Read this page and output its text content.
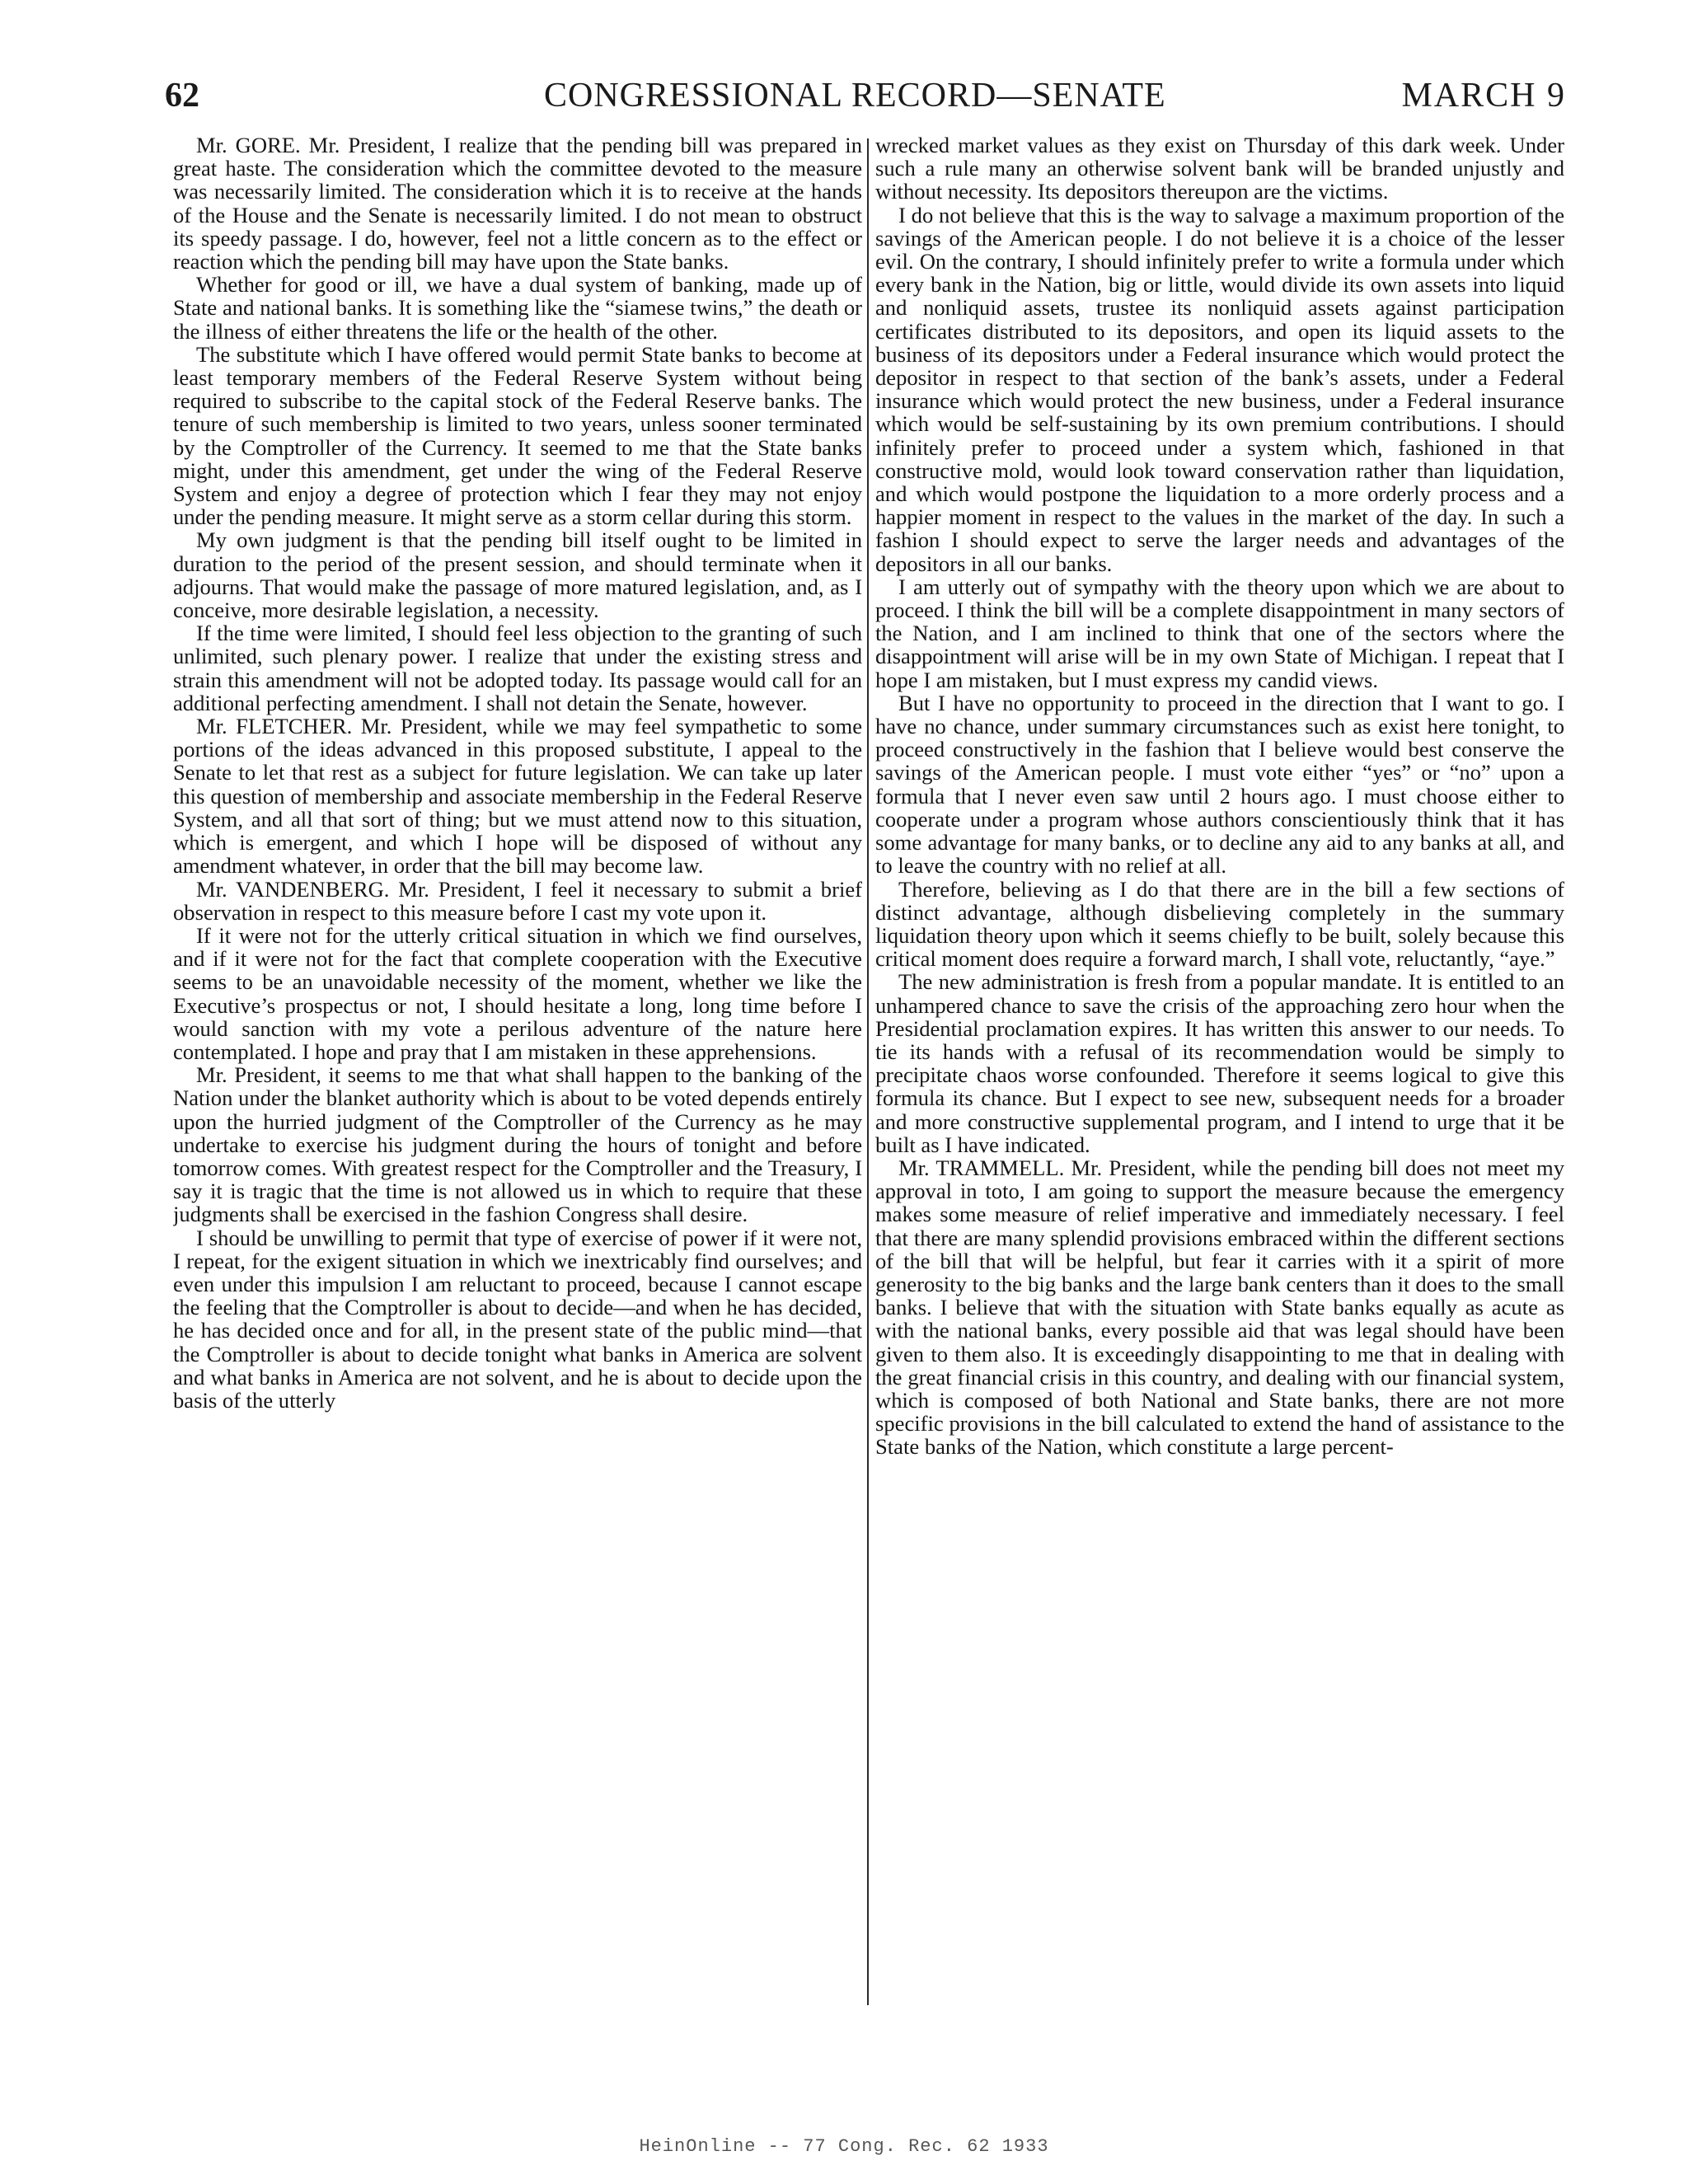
62	CONGRESSIONAL RECORD—SENATE	MARCH 9

Mr. GORE. Mr. President, I realize that the pending bill was prepared in great haste. The consideration which the committee devoted to the measure was necessarily limited. The consideration which it is to receive at the hands of the House and the Senate is necessarily limited. I do not mean to obstruct its speedy passage. I do, however, feel not a little concern as to the effect or reaction which the pending bill may have upon the State banks.

Whether for good or ill, we have a dual system of banking, made up of State and national banks. It is something like the “siamese twins,” the death or the illness of either threatens the life or the health of the other.

The substitute which I have offered would permit State banks to become at least temporary members of the Federal Reserve System without being required to subscribe to the capital stock of the Federal Reserve banks. The tenure of such membership is limited to two years, unless sooner terminated by the Comptroller of the Currency. It seemed to me that the State banks might, under this amendment, get under the wing of the Federal Reserve System and enjoy a degree of protection which I fear they may not enjoy under the pending measure. It might serve as a storm cellar during this storm.

My own judgment is that the pending bill itself ought to be limited in duration to the period of the present session, and should terminate when it adjourns. That would make the passage of more matured legislation, and, as I conceive, more desirable legislation, a necessity.

If the time were limited, I should feel less objection to the granting of such unlimited, such plenary power. I realize that under the existing stress and strain this amendment will not be adopted today. Its passage would call for an additional perfecting amendment. I shall not detain the Senate, however.

Mr. FLETCHER. Mr. President, while we may feel sympathetic to some portions of the ideas advanced in this proposed substitute, I appeal to the Senate to let that rest as a subject for future legislation. We can take up later this question of membership and associate membership in the Federal Reserve System, and all that sort of thing; but we must attend now to this situation, which is emergent, and which I hope will be disposed of without any amendment whatever, in order that the bill may become law.

Mr. VANDENBERG. Mr. President, I feel it necessary to submit a brief observation in respect to this measure before I cast my vote upon it.

If it were not for the utterly critical situation in which we find ourselves, and if it were not for the fact that complete cooperation with the Executive seems to be an unavoidable necessity of the moment, whether we like the Executive’s prospectus or not, I should hesitate a long, long time before I would sanction with my vote a perilous adventure of the nature here contemplated. I hope and pray that I am mistaken in these apprehensions.

Mr. President, it seems to me that what shall happen to the banking of the Nation under the blanket authority which is about to be voted depends entirely upon the hurried judgment of the Comptroller of the Currency as he may undertake to exercise his judgment during the hours of tonight and before tomorrow comes. With greatest respect for the Comptroller and the Treasury, I say it is tragic that the time is not allowed us in which to require that these judgments shall be exercised in the fashion Congress shall desire.

I should be unwilling to permit that type of exercise of power if it were not, I repeat, for the exigent situation in which we inextricably find ourselves; and even under this impulsion I am reluctant to proceed, because I cannot escape the feeling that the Comptroller is about to decide—and when he has decided, he has decided once and for all, in the present state of the public mind—that the Comptroller is about to decide tonight what banks in America are solvent and what banks in America are not solvent, and he is about to decide upon the basis of the utterly

wrecked market values as they exist on Thursday of this dark week. Under such a rule many an otherwise solvent bank will be branded unjustly and without necessity. Its depositors thereupon are the victims.

I do not believe that this is the way to salvage a maximum proportion of the savings of the American people. I do not believe it is a choice of the lesser evil. On the contrary, I should infinitely prefer to write a formula under which every bank in the Nation, big or little, would divide its own assets into liquid and nonliquid assets, trustee its nonliquid assets against participation certificates distributed to its depositors, and open its liquid assets to the business of its depositors under a Federal insurance which would protect the depositor in respect to that section of the bank’s assets, under a Federal insurance which would protect the new business, under a Federal insurance which would be self-sustaining by its own premium contributions. I should infinitely prefer to proceed under a system which, fashioned in that constructive mold, would look toward conservation rather than liquidation, and which would postpone the liquidation to a more orderly process and a happier moment in respect to the values in the market of the day. In such a fashion I should expect to serve the larger needs and advantages of the depositors in all our banks.

I am utterly out of sympathy with the theory upon which we are about to proceed. I think the bill will be a complete disappointment in many sectors of the Nation, and I am inclined to think that one of the sectors where the disappointment will arise will be in my own State of Michigan. I repeat that I hope I am mistaken, but I must express my candid views.

But I have no opportunity to proceed in the direction that I want to go. I have no chance, under summary circumstances such as exist here tonight, to proceed constructively in the fashion that I believe would best conserve the savings of the American people. I must vote either “yes” or “no” upon a formula that I never even saw until 2 hours ago. I must choose either to cooperate under a program whose authors conscientiously think that it has some advantage for many banks, or to decline any aid to any banks at all, and to leave the country with no relief at all.

Therefore, believing as I do that there are in the bill a few sections of distinct advantage, although disbelieving completely in the summary liquidation theory upon which it seems chiefly to be built, solely because this critical moment does require a forward march, I shall vote, reluctantly, “aye.”

The new administration is fresh from a popular mandate. It is entitled to an unhampered chance to save the crisis of the approaching zero hour when the Presidential proclamation expires. It has written this answer to our needs. To tie its hands with a refusal of its recommendation would be simply to precipitate chaos worse confounded. Therefore it seems logical to give this formula its chance. But I expect to see new, subsequent needs for a broader and more constructive supplemental program, and I intend to urge that it be built as I have indicated.

Mr. TRAMMELL. Mr. President, while the pending bill does not meet my approval in toto, I am going to support the measure because the emergency makes some measure of relief imperative and immediately necessary. I feel that there are many splendid provisions embraced within the different sections of the bill that will be helpful, but fear it carries with it a spirit of more generosity to the big banks and the large bank centers than it does to the small banks. I believe that with the situation with State banks equally as acute as with the national banks, every possible aid that was legal should have been given to them also. It is exceedingly disappointing to me that in dealing with the great financial crisis in this country, and dealing with our financial system, which is composed of both National and State banks, there are not more specific provisions in the bill calculated to extend the hand of assistance to the State banks of the Nation, which constitute a large percent-

HeinOnline -- 77 Cong. Rec. 62 1933
